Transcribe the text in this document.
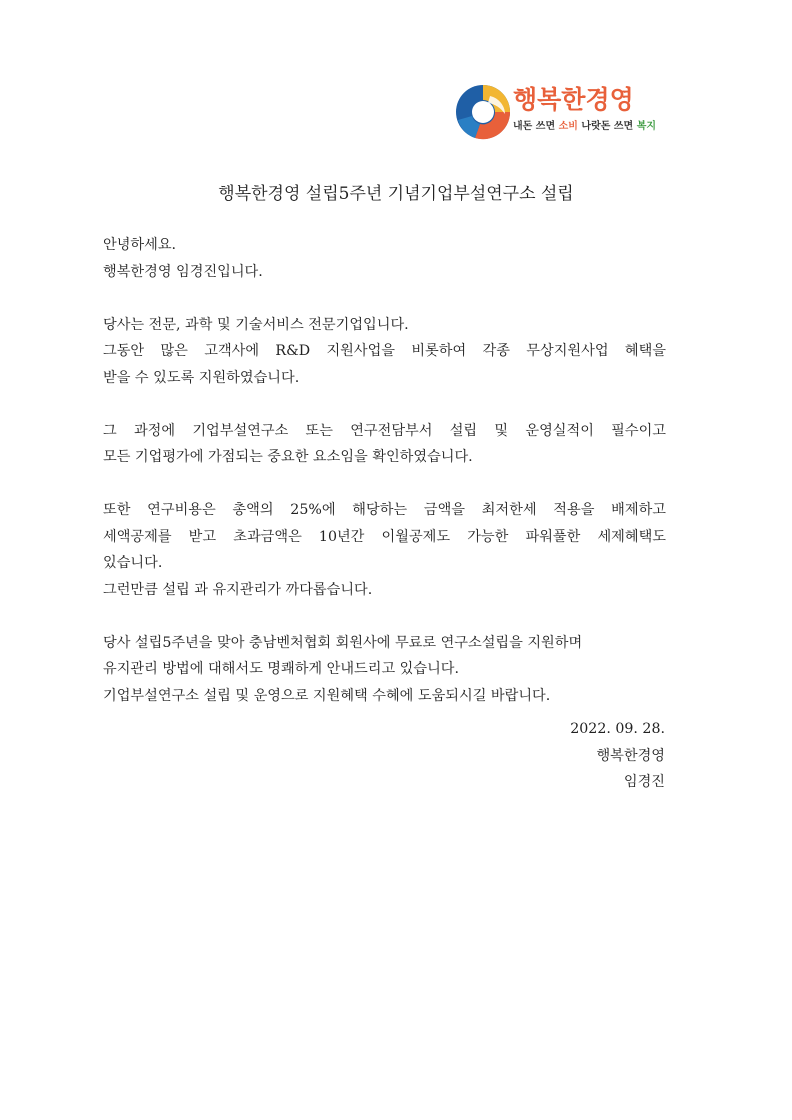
행복한경영
내돈 쓰면 소비 나랏돈 쓰면 복지
행복한경영 설립5주년 기념기업부설연구소 설립
안녕하세요.
행복한경영 임경진입니다.
당사는 전문, 과학 및 기술서비스 전문기업입니다.
그동안 많은 고객사에 R&D 지원사업을 비롯하여 각종 무상지원사업 혜택을
받을 수 있도록 지원하였습니다.
그 과정에 기업부설연구소 또는 연구전담부서 설립 및 운영실적이 필수이고
모든 기업평가에 가점되는 중요한 요소임을 확인하였습니다.
또한 연구비용은 총액의 25%에 해당하는 금액을 최저한세 적용을 배제하고
세액공제를 받고 초과금액은 10년간 이월공제도 가능한 파워풀한 세제혜택도
있습니다.
그런만큼 설립 과 유지관리가 까다롭습니다.
당사 설립5주년을 맞아 충남벤처협회 회원사에 무료로 연구소설립을 지원하며
유지관리 방법에 대해서도 명쾌하게 안내드리고 있습니다.
기업부설연구소 설립 및 운영으로 지원혜택 수혜에 도움되시길 바랍니다.
2022. 09. 28.
행복한경영
임경진
